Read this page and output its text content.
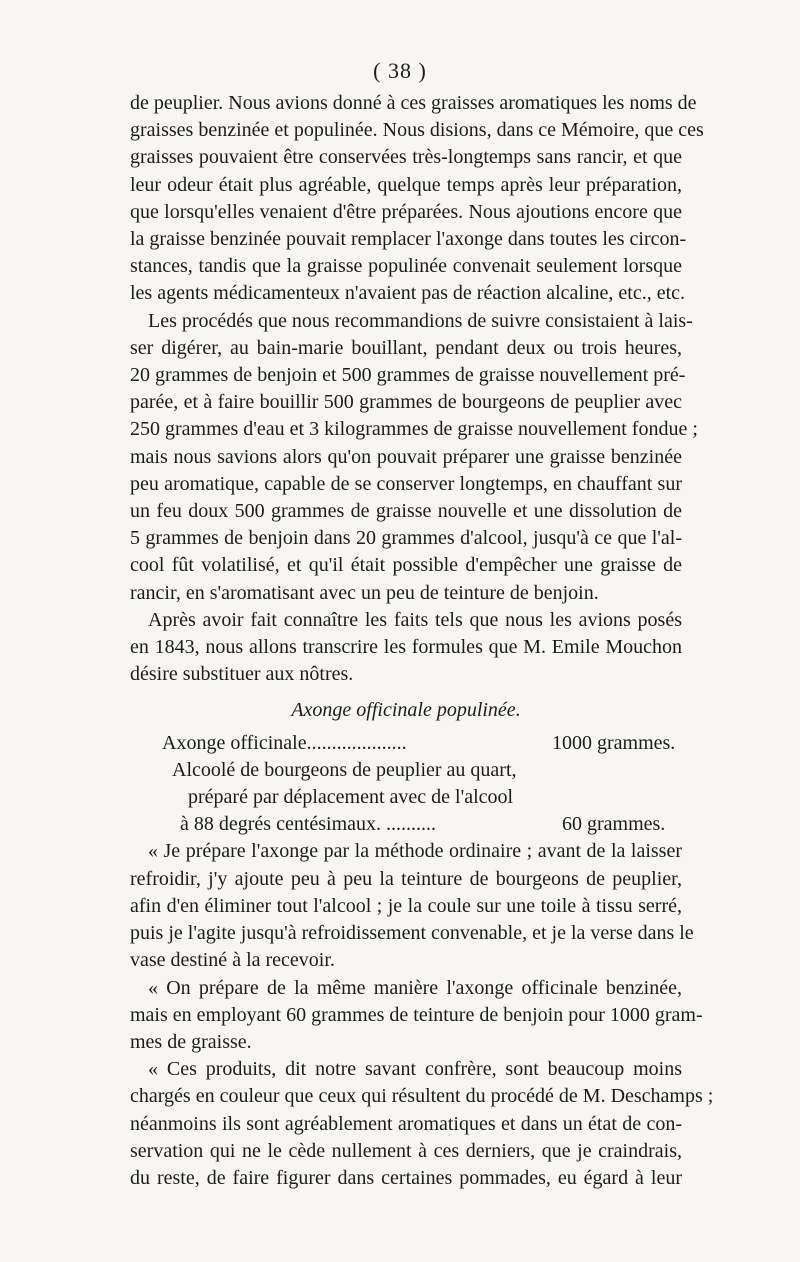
( 38 )
de peuplier. Nous avions donné à ces graisses aromatiques les noms de
graisses benzinée et populinée. Nous disions, dans ce Mémoire, que ces
graisses pouvaient être conservées très-longtemps sans rancir, et que
leur odeur était plus agréable, quelque temps après leur préparation,
que lorsqu'elles venaient d'être préparées. Nous ajoutions encore que
la graisse benzinée pouvait remplacer l'axonge dans toutes les circon-
stances, tandis que la graisse populinée convenait seulement lorsque
les agents médicamenteux n'avaient pas de réaction alcaline, etc., etc.
Les procédés que nous recommandions de suivre consistaient à lais-
ser digérer, au bain-marie bouillant, pendant deux ou trois heures,
20 grammes de benjoin et 500 grammes de graisse nouvellement pré-
parée, et à faire bouillir 500 grammes de bourgeons de peuplier avec
250 grammes d'eau et 3 kilogrammes de graisse nouvellement fondue ;
mais nous savions alors qu'on pouvait préparer une graisse benzinée
peu aromatique, capable de se conserver longtemps, en chauffant sur
un feu doux 500 grammes de graisse nouvelle et une dissolution de
5 grammes de benjoin dans 20 grammes d'alcool, jusqu'à ce que l'al-
cool fût volatilisé, et qu'il était possible d'empêcher une graisse de
rancir, en s'aromatisant avec un peu de teinture de benjoin.
Après avoir fait connaître les faits tels que nous les avions posés
en 1843, nous allons transcrire les formules que M. Emile Mouchon
désire substituer aux nôtres.
Axonge officinale populinée.
Axonge officinale....................	1000 grammes.
Alcoolé de bourgeons de peuplier au quart,
préparé par déplacement avec de l'alcool
à 88 degrés centésimaux. ..........	60 grammes.
« Je prépare l'axonge par la méthode ordinaire ; avant de la laisser
refroidir, j'y ajoute peu à peu la teinture de bourgeons de peuplier,
afin d'en éliminer tout l'alcool ; je la coule sur une toile à tissu serré,
puis je l'agite jusqu'à refroidissement convenable, et je la verse dans le
vase destiné à la recevoir.
« On prépare de la même manière l'axonge officinale benzinée,
mais en employant 60 grammes de teinture de benjoin pour 1000 gram-
mes de graisse.
« Ces produits, dit notre savant confrère, sont beaucoup moins
chargés en couleur que ceux qui résultent du procédé de M. Deschamps ;
néanmoins ils sont agréablement aromatiques et dans un état de con-
servation qui ne le cède nullement à ces derniers, que je craindrais,
du reste, de faire figurer dans certaines pommades, eu égard à leur
